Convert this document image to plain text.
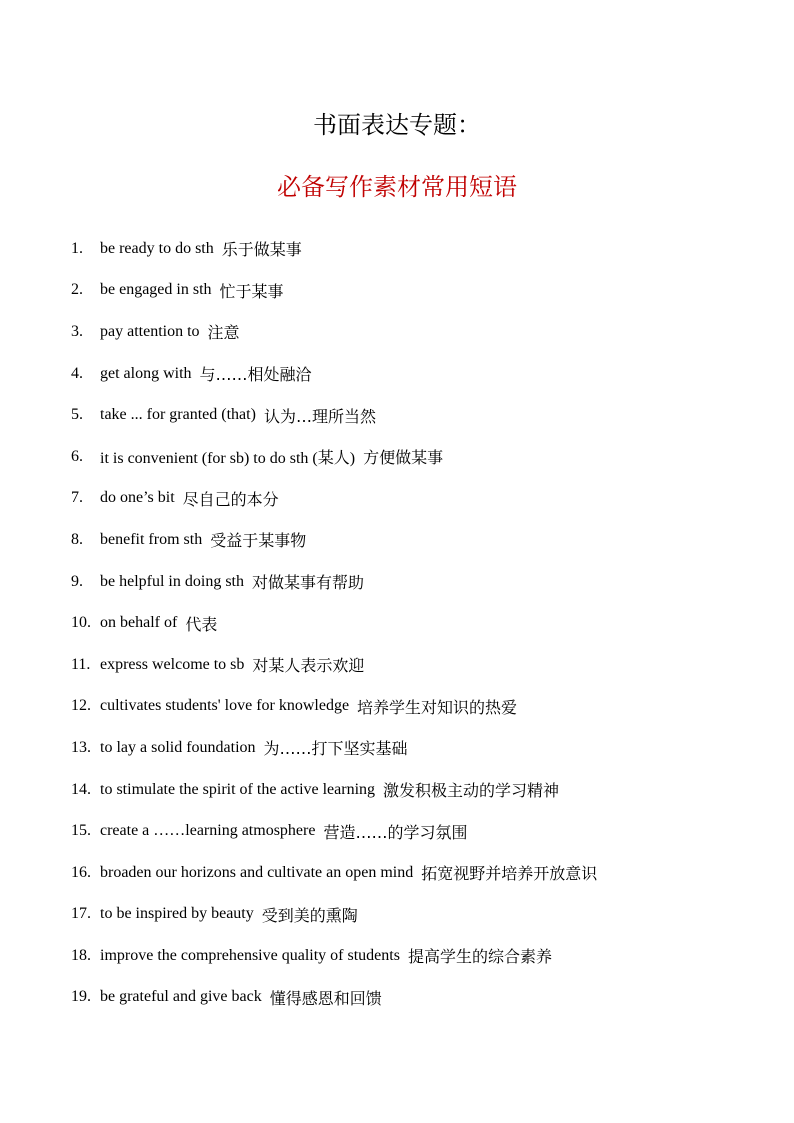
书面表达专题：
必备写作素材常用短语
1.	be ready to do sth 乐于做某事
2.	be engaged in sth 忙于某事
3.	pay attention to 注意
4.	get along with 与……相处融洽
5.	take ... for granted (that) 认为…理所当然
6.	it is convenient (for sb) to do sth (某人) 方便做某事
7.	do one’s bit 尽自己的本分
8.	benefit from sth 受益于某事物
9.	be helpful in doing sth 对做某事有帮助
10. on behalf of 代表
11. express welcome to sb 对某人表示欢迎
12. cultivates students' love for knowledge 培养学生对知识的热爱
13. to lay a solid foundation 为……打下坚实基础
14. to stimulate the spirit of the active learning 激发积极主动的学习精神
15. create a ……learning atmosphere 营造……的学习氛围
16. broaden our horizons and cultivate an open mind 拓宽视野并培养开放意识
17. to be inspired by beauty 受到美的熏陶
18. improve the comprehensive quality of students 提高学生的综合素养
19. be grateful and give back 懂得感恩和回馈
